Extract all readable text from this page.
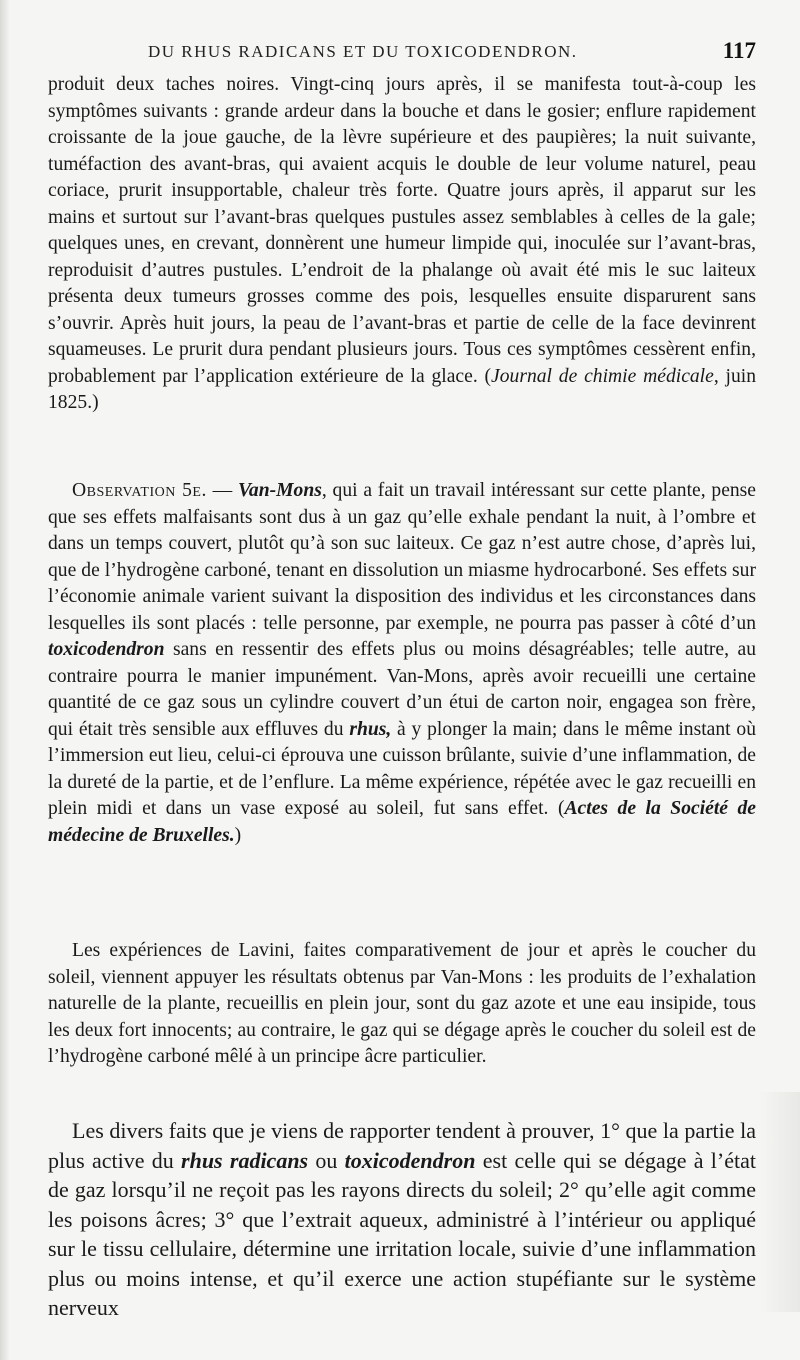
DU RHUS RADICANS ET DU TOXICODENDRON.	117
produit deux taches noires. Vingt-cinq jours après, il se manifesta tout-à-coup les symptômes suivants : grande ardeur dans la bouche et dans le gosier; enflure rapidement croissante de la joue gauche, de la lèvre supérieure et des paupières; la nuit suivante, tuméfaction des avant-bras, qui avaient acquis le double de leur volume naturel, peau coriace, prurit insupportable, chaleur très forte. Quatre jours après, il apparut sur les mains et surtout sur l’avant-bras quelques pustules assez semblables à celles de la gale; quelques unes, en crevant, donnèrent une humeur limpide qui, inoculée sur l’avant-bras, reproduisit d’autres pustules. L’endroit de la phalange où avait été mis le suc laiteux présenta deux tumeurs grosses comme des pois, lesquelles ensuite disparurent sans s’ouvrir. Après huit jours, la peau de l’avant-bras et partie de celle de la face devinrent squameuses. Le prurit dura pendant plusieurs jours. Tous ces symptômes cessèrent enfin, probablement par l’application extérieure de la glace. (Journal de chimie médicale, juin 1825.)
Observation 5e. — Van-Mons, qui a fait un travail intéressant sur cette plante, pense que ses effets malfaisants sont dus à un gaz qu’elle exhale pendant la nuit, à l’ombre et dans un temps couvert, plutôt qu’à son suc laiteux. Ce gaz n’est autre chose, d’après lui, que de l’hydrogène carboné, tenant en dissolution un miasme hydrocarboné. Ses effets sur l’économie animale varient suivant la disposition des individus et les circonstances dans lesquelles ils sont placés : telle personne, par exemple, ne pourra pas passer à côté d’un toxicodendron sans en ressentir des effets plus ou moins désagréables; telle autre, au contraire pourra le manier impunément. Van-Mons, après avoir recueilli une certaine quantité de ce gaz sous un cylindre couvert d’un étui de carton noir, engagea son frère, qui était très sensible aux effluves du rhus, à y plonger la main; dans le même instant où l’immersion eut lieu, celui-ci éprouva une cuisson brûlante, suivie d’une inflammation, de la dureté de la partie, et de l’enflure. La même expérience, répétée avec le gaz recueilli en plein midi et dans un vase exposé au soleil, fut sans effet. (Actes de la Société de médecine de Bruxelles.)
Les expériences de Lavini, faites comparativement de jour et après le coucher du soleil, viennent appuyer les résultats obtenus par Van-Mons : les produits de l’exhalation naturelle de la plante, recueillis en plein jour, sont du gaz azote et une eau insipide, tous les deux fort innocents; au contraire, le gaz qui se dégage après le coucher du soleil est de l’hydrogène carboné mêlé à un principe âcre particulier.
Les divers faits que je viens de rapporter tendent à prouver, 1° que la partie la plus active du rhus radicans ou toxicodendron est celle qui se dégage à l’état de gaz lorsqu’il ne reçoit pas les rayons directs du soleil; 2° qu’elle agit comme les poisons âcres; 3° que l’extrait aqueux, administré à l’intérieur ou appliqué sur le tissu cellulaire, détermine une irritation locale, suivie d’une inflammation plus ou moins intense, et qu’il exerce une action stupéfiante sur le système nerveux
